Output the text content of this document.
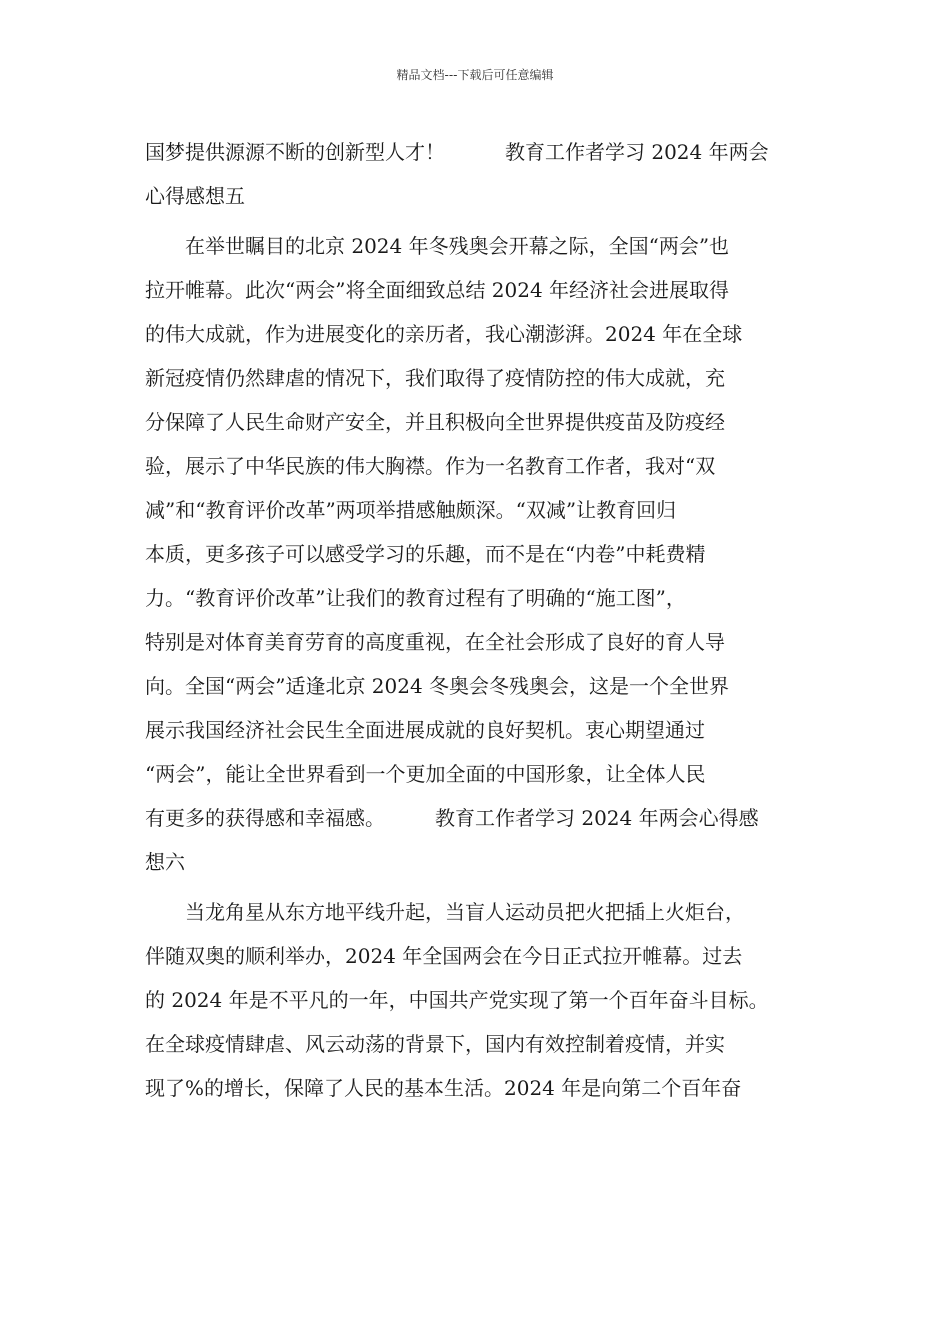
精品文档---下载后可任意编辑
国梦提供源源不断的创新型人才！　　　教育工作者学习 2024 年两会
心得感想五
　　在举世瞩目的北京 2024 年冬残奥会开幕之际，全国“两会”也
拉开帷幕。此次“两会”将全面细致总结 2024 年经济社会进展取得
的伟大成就，作为进展变化的亲历者，我心潮澎湃。2024 年在全球
新冠疫情仍然肆虐的情况下，我们取得了疫情防控的伟大成就，充
分保障了人民生命财产安全，并且积极向全世界提供疫苗及防疫经
验，展示了中华民族的伟大胸襟。作为一名教育工作者，我对“双
减”和“教育评价改革”两项举措感触颇深。“双减”让教育回归
本质，更多孩子可以感受学习的乐趣，而不是在“内卷”中耗费精
力。“教育评价改革”让我们的教育过程有了明确的“施工图”，
特别是对体育美育劳育的高度重视，在全社会形成了良好的育人导
向。全国“两会”适逢北京 2024 冬奥会冬残奥会，这是一个全世界
展示我国经济社会民生全面进展成就的良好契机。衷心期望通过
“两会”，能让全世界看到一个更加全面的中国形象，让全体人民
有更多的获得感和幸福感。　　　教育工作者学习 2024 年两会心得感
想六
　　当龙角星从东方地平线升起，当盲人运动员把火把插上火炬台，
伴随双奥的顺利举办，2024 年全国两会在今日正式拉开帷幕。过去
的 2024 年是不平凡的一年，中国共产党实现了第一个百年奋斗目标。
在全球疫情肆虐、风云动荡的背景下，国内有效控制着疫情，并实
现了%的增长，保障了人民的基本生活。2024 年是向第二个百年奋
